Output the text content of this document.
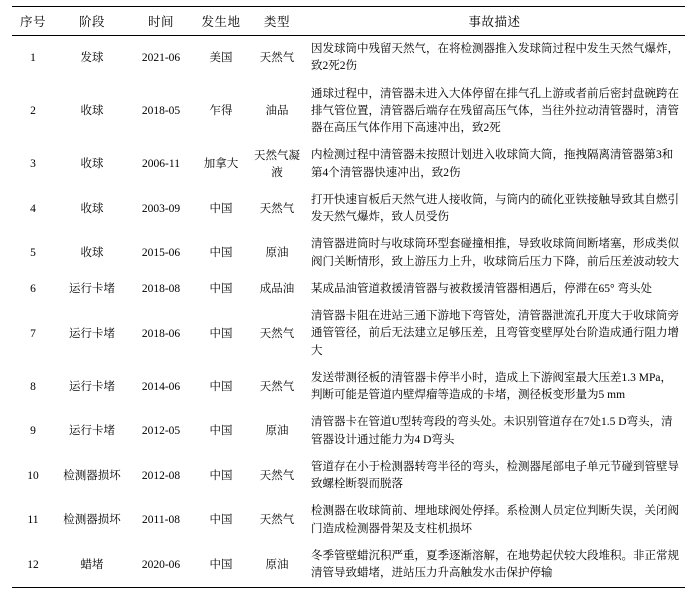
序号	阶段	时间	发生地	类型	事故描述
1	发球	2021-06	美国	天然气	因发球筒中残留天然气，在将检测器推入发球筒过程中发生天然气爆炸，致2死2伤
2	收球	2018-05	乍得	油品	通球过程中，清管器未进入大体停留在排气孔上游或者前后密封盘碗跨在排气管位置，清管器后端存在残留高压气体，当往外拉动清管器时，清管器在高压气体作用下高速冲出，致2死
3	收球	2006-11	加拿大	天然气凝液	内检测过程中清管器未按照计划进入收球筒大筒，拖拽隔离清管器第3和第4个清管器快速冲出，致2伤
4	收球	2003-09	中国	天然气	打开快速盲板后天然气进人接收筒，与筒内的硫化亚铁接触导致其自燃引发天然气爆炸，致人员受伤
5	收球	2015-06	中国	原油	清管器进筒时与收球筒环型套碰撞相推，导致收球筒间断堵塞，形成类似阀门关断情形，致上游压力上升，收球筒后压力下降，前后压差波动较大
6	运行卡堵	2018-08	中国	成品油	某成品油管道救援清管器与被救援清管器相遇后，停滞在65° 弯头处
7	运行卡堵	2018-06	中国	天然气	清管器卡阻在进站三通下游地下弯管处，清管器泄流孔开度大于收球筒旁通管管径，前后无法建立足够压差，且弯管变壁厚处台阶造成通行阻力增大
8	运行卡堵	2014-06	中国	天然气	发送带测径板的清管器卡停半小时，造成上下游阀室最大压差1.3 MPa，判断可能是管道内壁焊瘤等造成的卡堵，测径板变形量为5 mm
9	运行卡堵	2012-05	中国	原油	清管器卡在管道U型转弯段的弯头处。未识别管道存在7处1.5 D弯头，清管器设计通过能力为4 D弯头
10	检测器损坏	2012-08	中国	天然气	管道存在小于检测器转弯半径的弯头，检测器尾部电子单元节碰到管壁导致螺栓断裂而脱落
11	检测器损坏	2011-08	中国	天然气	检测器在收球筒前、埋地球阀处停择。系检测人员定位判断失误，关闭阀门造成检测器骨架及支柱机损坏
12	蜡堵	2020-06	中国	原油	冬季管壁蜡沉积严重，夏季逐渐溶解，在地势起伏较大段堆积。非正常规清管导致蜡堵，进站压力升高触发水击保护停输
